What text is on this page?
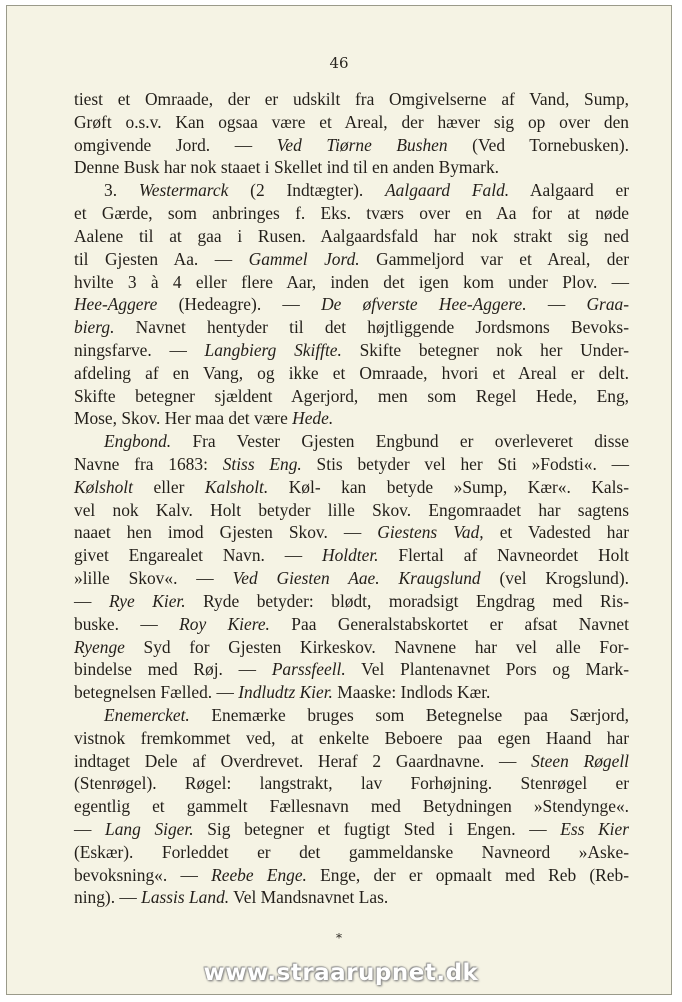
46
tiest et Omraade, der er udskilt fra Omgivelserne af Vand, Sump,
Grøft o.s.v. Kan ogsaa være et Areal, der hæver sig op over den
omgivende Jord. — Ved Tiørne Bushen (Ved Tornebusken).
Denne Busk har nok staaet i Skellet ind til en anden Bymark.
3. Westermarck (2 Indtægter). Aalgaard Fald. Aalgaard er
et Gærde, som anbringes f. Eks. tværs over en Aa for at nøde
Aalene til at gaa i Rusen. Aalgaardsfald har nok strakt sig ned
til Gjesten Aa. — Gammel Jord. Gammeljord var et Areal, der
hvilte 3 à 4 eller flere Aar, inden det igen kom under Plov. —
Hee-Aggere (Hedeagre). — De øfverste Hee-Aggere. — Graa-
bierg. Navnet hentyder til det højtliggende Jordsmons Bevoks-
ningsfarve. — Langbierg Skiffte. Skifte betegner nok her Under-
afdeling af en Vang, og ikke et Omraade, hvori et Areal er delt.
Skifte betegner sjældent Agerjord, men som Regel Hede, Eng,
Mose, Skov. Her maa det være Hede.
Engbond. Fra Vester Gjesten Engbund er overleveret disse
Navne fra 1683: Stiss Eng. Stis betyder vel her Sti »Fodsti«. —
Kølsholt eller Kalsholt. Køl- kan betyde »Sump, Kær«. Kals-
vel nok Kalv. Holt betyder lille Skov. Engomraadet har sagtens
naaet hen imod Gjesten Skov. — Giestens Vad, et Vadested har
givet Engarealet Navn. — Holdter. Flertal af Navneordet Holt
»lille Skov«. — Ved Giesten Aae. Kraugslund (vel Krogslund).
— Rye Kier. Ryde betyder: blødt, moradsigt Engdrag med Ris-
buske. — Roy Kiere. Paa Generalstabskortet er afsat Navnet
Ryenge Syd for Gjesten Kirkeskov. Navnene har vel alle For-
bindelse med Røj. — Parssfeell. Vel Plantenavnet Pors og Mark-
betegnelsen Fælled. — Indludtz Kier. Maaske: Indlods Kær.
Enemercket. Enemærke bruges som Betegnelse paa Særjord,
vistnok fremkommet ved, at enkelte Beboere paa egen Haand har
indtaget Dele af Overdrevet. Heraf 2 Gaardnavne. — Steen Røgell
(Stenrøgel). Røgel: langstrakt, lav Forhøjning. Stenrøgel er
egentlig et gammelt Fællesnavn med Betydningen »Stendynge«.
— Lang Siger. Sig betegner et fugtigt Sted i Engen. — Ess Kier
(Eskær). Forleddet er det gammeldanske Navneord »Aske-
bevoksning«. — Reebe Enge. Enge, der er opmaalt med Reb (Reb-
ning). — Lassis Land. Vel Mandsnavnet Las.
*
www.straarupnet.dk
